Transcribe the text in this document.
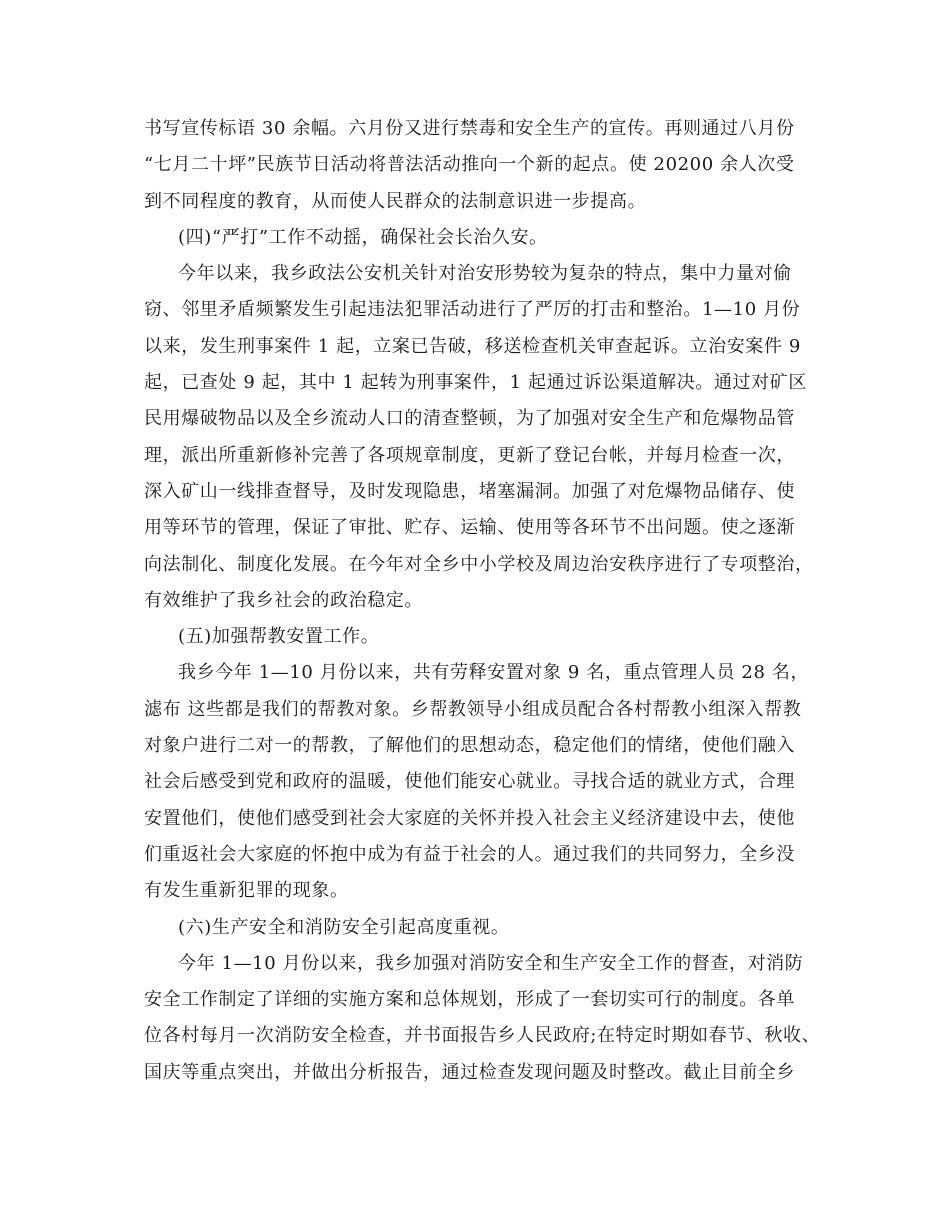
书写宣传标语 30 余幅。六月份又进行禁毒和安全生产的宣传。再则通过八月份
“七月二十坪”民族节日活动将普法活动推向一个新的起点。使 20200 余人次受
到不同程度的教育，从而使人民群众的法制意识进一步提高。
(四)“严打”工作不动摇，确保社会长治久安。
今年以来，我乡政法公安机关针对治安形势较为复杂的特点，集中力量对偷
窃、邻里矛盾频繁发生引起违法犯罪活动进行了严厉的打击和整治。1—10 月份
以来，发生刑事案件 1 起，立案已告破，移送检查机关审查起诉。立治安案件 9
起，已查处 9 起，其中 1 起转为刑事案件，1 起通过诉讼渠道解决。通过对矿区
民用爆破物品以及全乡流动人口的清查整顿，为了加强对安全生产和危爆物品管
理，派出所重新修补完善了各项规章制度，更新了登记台帐，并每月检查一次，
深入矿山一线排查督导，及时发现隐患，堵塞漏洞。加强了对危爆物品储存、使
用等环节的管理，保证了审批、贮存、运输、使用等各环节不出问题。使之逐渐
向法制化、制度化发展。在今年对全乡中小学校及周边治安秩序进行了专项整治，
有效维护了我乡社会的政治稳定。
(五)加强帮教安置工作。
我乡今年 1—10 月份以来，共有劳释安置对象 9 名，重点管理人员 28 名，
滤布 这些都是我们的帮教对象。乡帮教领导小组成员配合各村帮教小组深入帮教
对象户进行二对一的帮教，了解他们的思想动态，稳定他们的情绪，使他们融入
社会后感受到党和政府的温暖，使他们能安心就业。寻找合适的就业方式，合理
安置他们，使他们感受到社会大家庭的关怀并投入社会主义经济建设中去，使他
们重返社会大家庭的怀抱中成为有益于社会的人。通过我们的共同努力，全乡没
有发生重新犯罪的现象。
(六)生产安全和消防安全引起高度重视。
今年 1—10 月份以来，我乡加强对消防安全和生产安全工作的督查，对消防
安全工作制定了详细的实施方案和总体规划，形成了一套切实可行的制度。各单
位各村每月一次消防安全检查，并书面报告乡人民政府;在特定时期如春节、秋收、
国庆等重点突出，并做出分析报告，通过检查发现问题及时整改。截止目前全乡
